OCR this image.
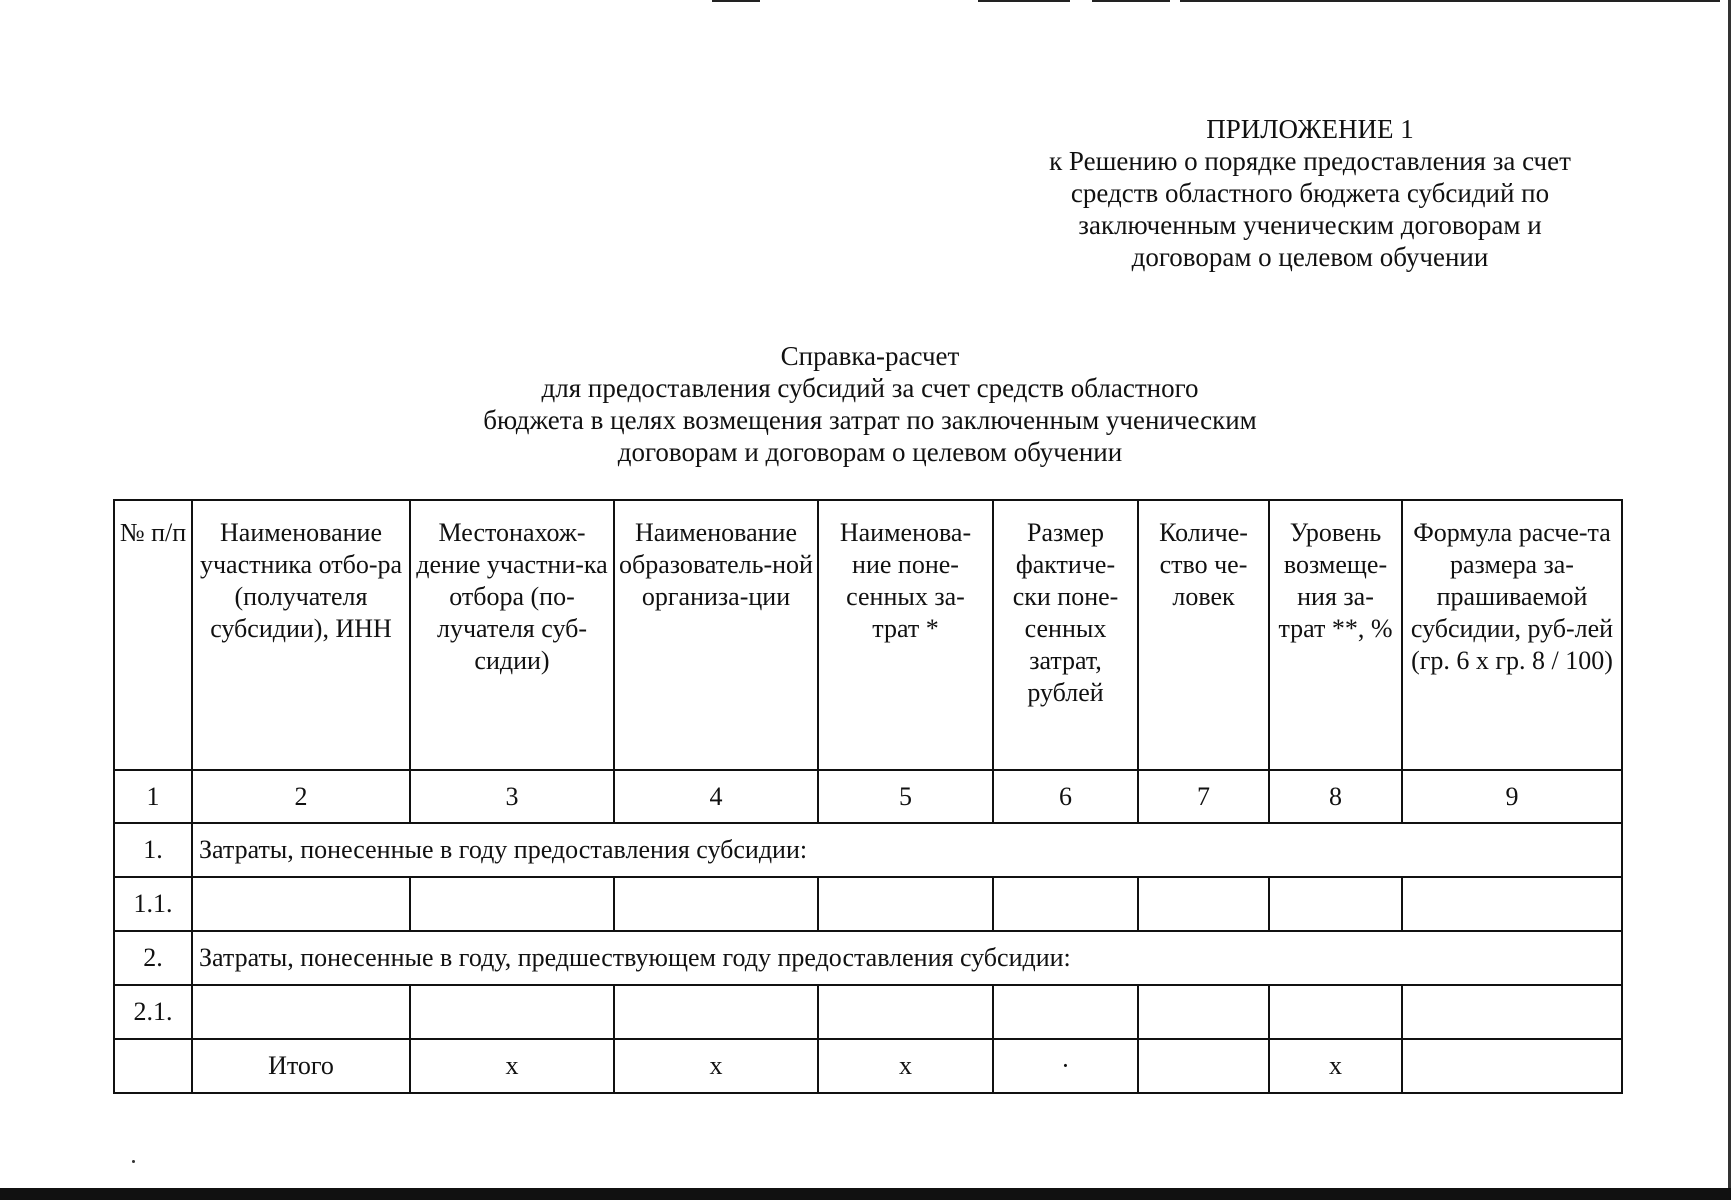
ПРИЛОЖЕНИЕ 1
к Решению о порядке предоставления за счет
средств областного бюджета субсидий по
заключенным ученическим договорам и
договорам о целевом обучении
Справка-расчет
для предоставления субсидий за счет средств областного
бюджета в целях возмещения затрат по заключенным ученическим
договорам и договорам о целевом обучении
№ п/п	Наименование участника отбо-ра (получателя субсидии), ИНН	Местонахож-дение участни-ка отбора (по-лучателя суб-сидии)	Наименование образователь-ной организа-ции	Наименова-ние поне-сенных за-трат *	Размер фактиче-ски поне-сенных затрат, рублей	Количе-ство че-ловек	Уровень возмеще-ния за-трат **, %	Формула расче-та размера за-прашиваемой субсидии, руб-лей (гр. 6 х гр. 8 / 100)
1	2	3	4	5	6	7	8	9
1.	Затраты, понесенные в году предоставления субсидии:							
1.1.								
2.	Затраты, понесенные в году, предшествующем году предоставления субсидии:							
2.1.								
	Итого	х	х	х	·		х	
